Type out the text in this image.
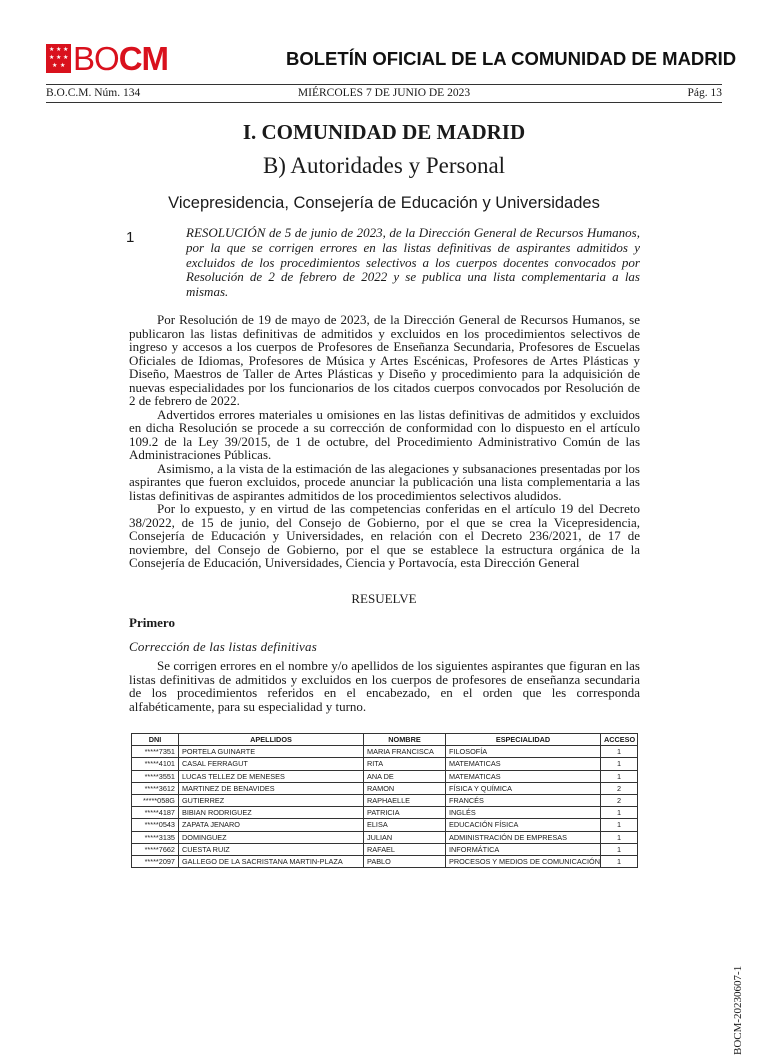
★ ★ ★
★ ★ ★
★ ★ BOCM	BOLETÍN OFICIAL DE LA COMUNIDAD DE MADRID
B.O.C.M. Núm. 134	MIÉRCOLES 7 DE JUNIO DE 2023	Pág. 13
I. COMUNIDAD DE MADRID
B) Autoridades y Personal
Vicepresidencia, Consejería de Educación y Universidades
1	RESOLUCIÓN de 5 de junio de 2023, de la Dirección General de Recursos Humanos, por la que se corrigen errores en las listas definitivas de aspirantes admitidos y excluidos de los procedimientos selectivos a los cuerpos docentes convocados por Resolución de 2 de febrero de 2022 y se publica una lista complementaria a las mismas.

Por Resolución de 19 de mayo de 2023, de la Dirección General de Recursos Humanos, se publicaron las listas definitivas de admitidos y excluidos en los procedimientos selectivos de ingreso y accesos a los cuerpos de Profesores de Enseñanza Secundaria, Profesores de Escuelas Oficiales de Idiomas, Profesores de Música y Artes Escénicas, Profesores de Artes Plásticas y Diseño, Maestros de Taller de Artes Plásticas y Diseño y procedimiento para la adquisición de nuevas especialidades por los funcionarios de los citados cuerpos convocados por Resolución de 2 de febrero de 2022.

Advertidos errores materiales u omisiones en las listas definitivas de admitidos y excluidos en dicha Resolución se procede a su corrección de conformidad con lo dispuesto en el artículo 109.2 de la Ley 39/2015, de 1 de octubre, del Procedimiento Administrativo Común de las Administraciones Públicas.

Asimismo, a la vista de la estimación de las alegaciones y subsanaciones presentadas por los aspirantes que fueron excluidos, procede anunciar la publicación una lista complementaria a las listas definitivas de aspirantes admitidos de los procedimientos selectivos aludidos.

Por lo expuesto, y en virtud de las competencias conferidas en el artículo 19 del Decreto 38/2022, de 15 de junio, del Consejo de Gobierno, por el que se crea la Vicepresidencia, Consejería de Educación y Universidades, en relación con el Decreto 236/2021, de 17 de noviembre, del Consejo de Gobierno, por el que se establece la estructura orgánica de la Consejería de Educación, Universidades, Ciencia y Portavocía, esta Dirección General

RESUELVE
Primero
Corrección de las listas definitivas

Se corrigen errores en el nombre y/o apellidos de los siguientes aspirantes que figuran en las listas definitivas de admitidos y excluidos en los cuerpos de profesores de enseñanza secundaria de los procedimientos referidos en el encabezado, en el orden que les corresponda alfabéticamente, para su especialidad y turno.

DNI	APELLIDOS	NOMBRE	ESPECIALIDAD	ACCESO
*****7351	PORTELA GUINARTE	MARIA FRANCISCA	FILOSOFÍA	1
*****4101	CASAL FERRAGUT	RITA	MATEMATICAS	1
*****3551	LUCAS TELLEZ DE MENESES	ANA DE	MATEMATICAS	1
*****3612	MARTINEZ DE BENAVIDES	RAMON	FÍSICA Y QUÍMICA	2
*****058G	GUTIERREZ	RAPHAELLE	FRANCÉS	2
*****4187	BIBIAN RODRIGUEZ	PATRICIA	INGLÉS	1
*****0543	ZAPATA JENARO	ELISA	EDUCACIÓN FÍSICA	1
*****3135	DOMINGUEZ	JULIAN	ADMINISTRACIÓN DE EMPRESAS	1
*****7662	CUESTA RUIZ	RAFAEL	INFORMÁTICA	1
*****2097	GALLEGO DE LA SACRISTANA MARTIN-PLAZA	PABLO	PROCESOS Y MEDIOS DE COMUNICACIÓN	1
BOCM-20230607-1
